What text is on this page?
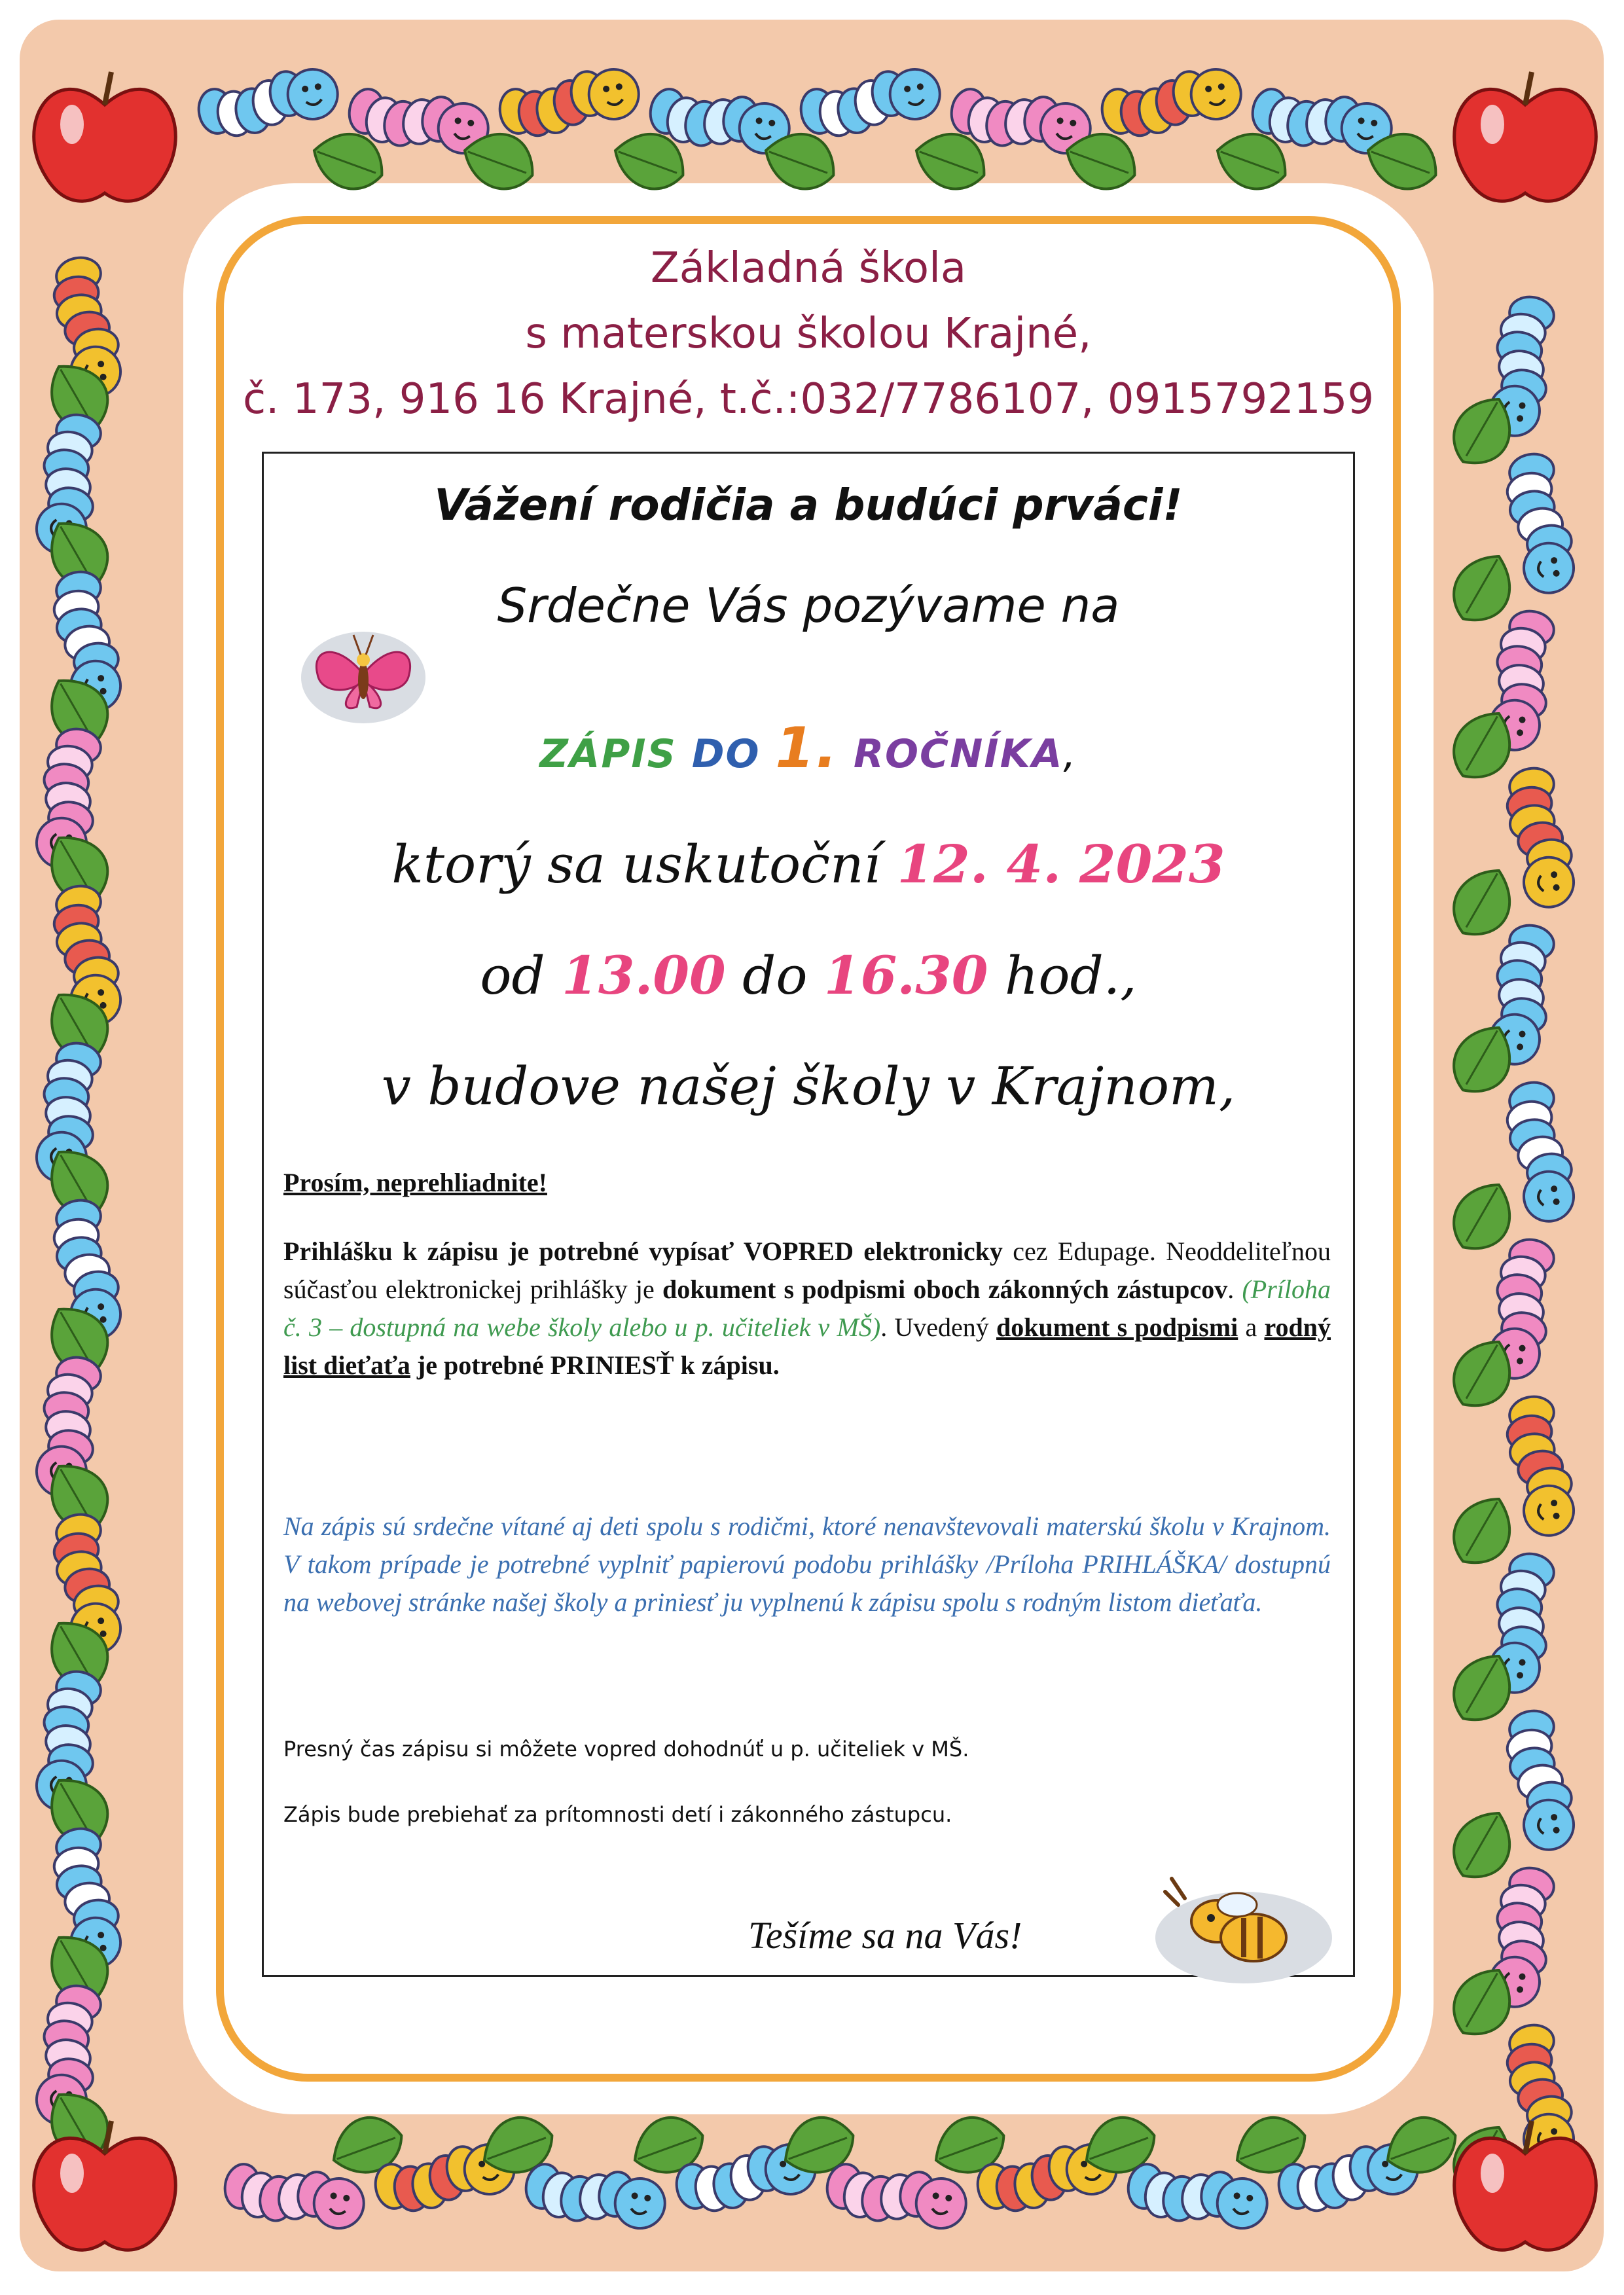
Základná škola
s materskou školou Krajné,
č. 173, 916 16 Krajné, t.č.:032/7786107, 0915792159
Vážení rodičia a budúci prváci!
Srdečne Vás pozývame na
ZÁPIS DO 1. ROČNÍKA,
ktorý sa uskutoční 12. 4. 2023
od 13.00 do 16.30 hod.,
v budove našej školy v Krajnom,
Prosím, neprehliadnite!
Prihlášku k zápisu je potrebné vypísať VOPRED elektronicky cez Edupage. Neoddeliteľnou súčasťou elektronickej prihlášky je dokument s podpismi oboch zákonných zástupcov. (Príloha č. 3 – dostupná na webe školy alebo u p. učiteliek v MŠ). Uvedený dokument s podpismi a rodný list dieťaťa je potrebné PRINIESŤ k zápisu.
Na zápis sú srdečne vítané aj deti spolu s rodičmi, ktoré nenavštevovali materskú školu v Krajnom. V takom prípade je potrebné vyplniť papierovú podobu prihlášky /Príloha PRIHLÁŠKA/ dostupnú na webovej stránke našej školy a priniesť ju vyplnenú k zápisu spolu s rodným listom dieťaťa.
Presný čas zápisu si môžete vopred dohodnúť u p. učiteliek v MŠ.
Zápis bude prebiehať za prítomnosti detí i zákonného zástupcu.
Tešíme sa na Vás!
